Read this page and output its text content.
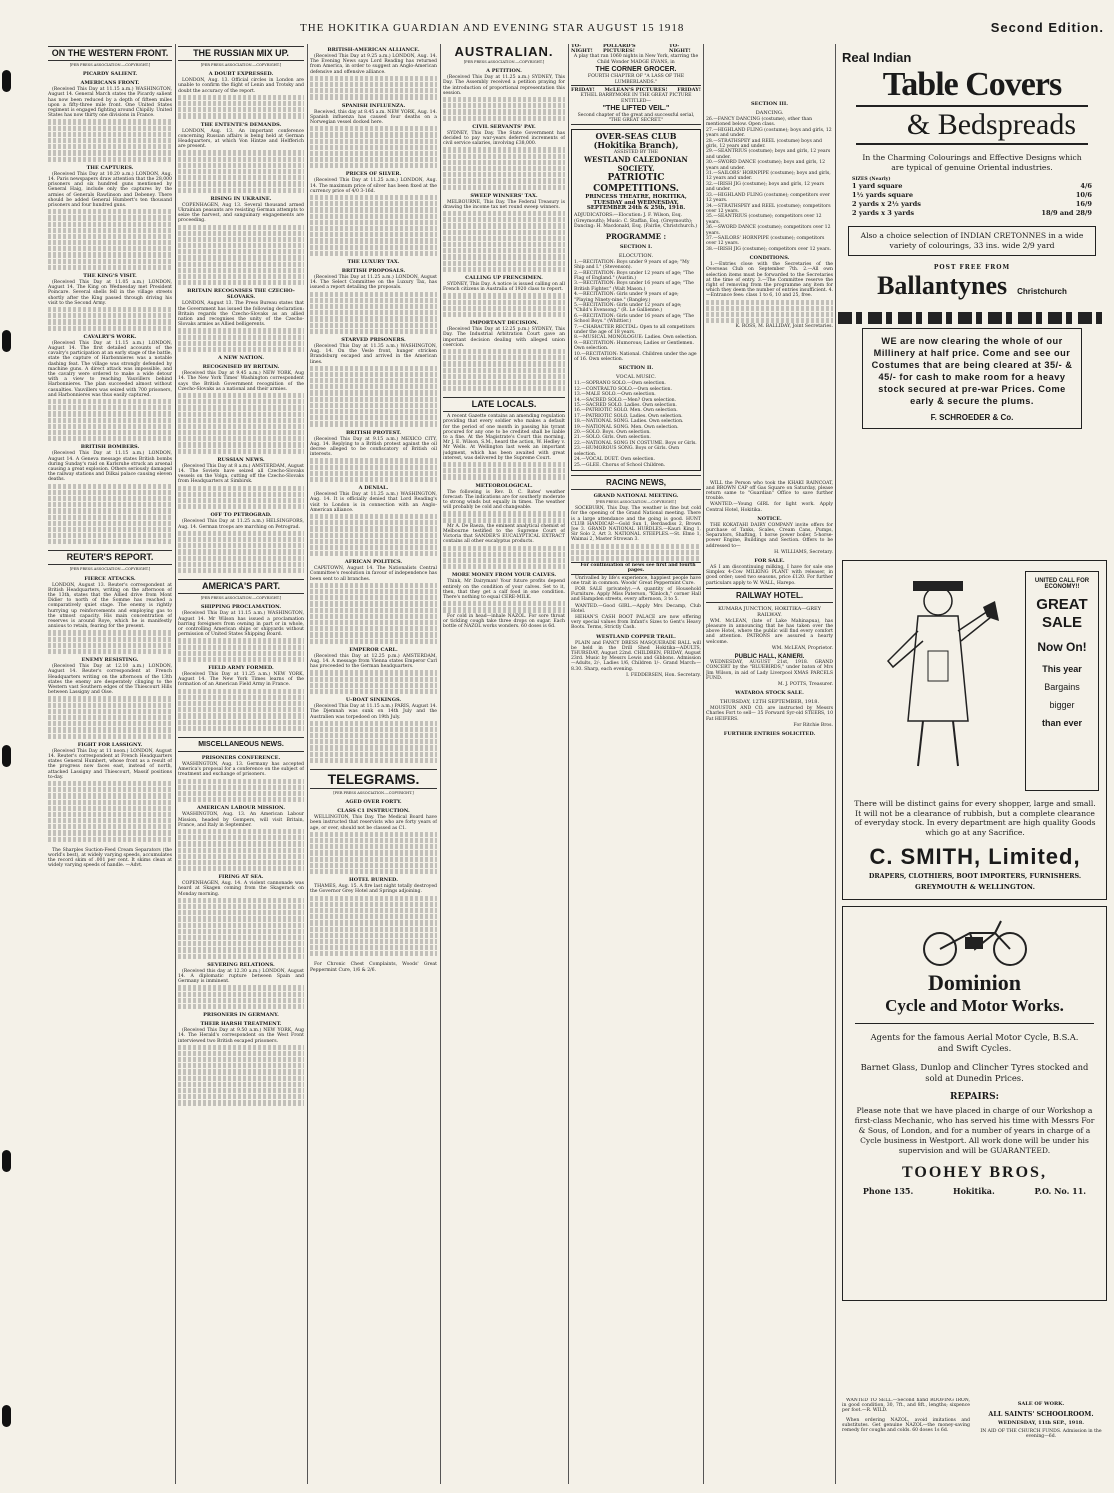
THE HOKITIKA GUARDIAN AND EVENING STAR AUGUST 15 1918	Second Edition.
ON THE WESTERN FRONT.
[PER PRESS ASSOCIATION.—COPYRIGHT.]
PICARDY SALIENT.
AMERICANS FRONT.
(Received This Day at 11.15 a.m.) WASHINGTON, August 14. General March states the Picardy salient has now been reduced by a depth of fifteen miles upon a fifty-three mile front. One United States regiment is engaged fighting around Chipilly. United States has now thirty one divisions in France.
THE CAPTURES.
(Received This Day at 10.20 a.m.) LONDON, Aug. 14. Paris newspapers draw attention that the 28,000 prisoners and six hundred guns mentioned by General Haig, include only the captures by the armies of Generals Rawlinson and Debeney. There should be added General Humbert's ten thousand prisoners and four hundred guns.
THE KING'S VISIT.
(Received This Day at 11.05 a.m.) LONDON, August 14. The King on Wednesday met President Poincare. Several shells fell in the village streets shortly after the King passed through driving his visit to the Second Army.
CAVALRY'S WORK.
(Received This Day at 11.15 a.m.) LONDON, August 14. The first detailed accounts of the cavalry's participation at an early stage of the battle, state the capture of Harbonnieres was a notable dashing feat. The village was strongly defended by machine guns. A direct attack was impossible, and the cavalry were ordered to make a wide detour with a view to reaching Vauvillers behind Harbonnieres. The plan succeeded almost without casualties. Vauvillers was seized with 700 prisoners, and Harbonnieres was thus easily captured.
BRITISH BOMBERS.
(Received This Day at 11.15 a.m.) LONDON, August 14. A Geneva message states British bombs during Sunday's raid on Karlsruhe struck an arsenal causing a great explosion. Others seriously damaged the railway stations and Dilkai palace causing eleven deaths.
REUTER'S REPORT.
[PER PRESS ASSOCIATION.—COPYRIGHT.]
FIERCE ATTACKS.
LONDON, August 13. Reuter's correspondent at British Headquarters, writing on the afternoon of the 13th, states that the Allied drive from Mont Didier to north of the Somme has reached a comparatively quiet stage. The enemy is rightly hurrying up reinforcements and employing gas to the utmost capacity. His main concentration of reserves is around Roye, which he is manifestly anxious to retain, fearing for the present.
ENEMY RESISTING.
(Received This Day at 12.10 a.m.) LONDON, August 14. Reuter's correspondent at French Headquarters writing on the afternoon of the 13th states the enemy are desperately clinging to the Western vast Southern edges of the Thiescourt Hills between Lassigny and Oise.
FIGHT FOR LASSIGNY.
(Received This Day at 11 noon.) LONDON, August 14. Reuter's correspondent at French Headquarters states General Humbert, whose front as a result of the progress now faces east, instead of north, attacked Lassigny and Thiescourt, Massif positions to-day.
The Sharples Suction-Feed Cream Separators (the world's best), at widely varying speeds, accumulates the record skim of .001 per cent. It skims clean at widely varying speeds of handle. —Advt.
THE RUSSIAN MIX UP.
[PER PRESS ASSOCIATION.—COPYRIGHT.]
A DOUBT EXPRESSED.
LONDON, Aug. 13. Official circles in London are unable to confirm the flight of Lenin and Trotsky and doubt the accuracy of the report.
THE ENTENTE'S DEMANDS.
LONDON, Aug. 13. An important conference concerning Russian affairs is being held at German Headquarters, at which Von Hintze and Helfferich are present.
RISING IN UKRAINE.
COPENHAGEN, Aug 13. Several thousand armed Ukrainian peasants are resisting German attempts to seize the harvest, and sanguinary engagements are proceeding.
BRITAIN RECOGNISES THE CZECHO-SLOVAKS.
LONDON, August 13. The Press Bureau states that the Government has issued the following declaration: Britain regards the Czecho-Slovaks as an allied nation and recognises the unity of the Czecho-Slovaks armies as Allied belligerents.
A NEW NATION.
RECOGNISED BY BRITAIN.
(Received this Day at 9.45 a.m.) NEW YORK, Aug 14. The New York Times' Washington correspondent says the British Government recognition of the Czecho-Slovaks as a national and their armies.
RUSSIAN NEWS.
(Received This Day at 8 a.m.) AMSTERDAM, August 14. The Soviets have seized all Czecho-Slovaks vessels on the Volga, cutting off the Czecho-Slovaks from Headquarters at Simbirsk.
OFF TO PETROGRAD.
(Received This Day at 11.25 a.m.) HELSINGFORS, Aug. 14. German troops are marching on Petrograd.
AMERICA'S PART.
[PER PRESS ASSOCIATION.—COPYRIGHT.]
SHIPPING PROCLAMATION.
(Received This Day at 11.15 a.m.) WASHINGTON, August 14. Mr Wilson has issued a proclamation barring foreigners from owning in part or in whole, or controlling American ships or shipyards without permission of United States Shipping Board.
FIELD ARMY FORMED.
(Received This Day at 11.25 a.m.) NEW YORK, August 14. The New York Times learns of the formation of an American Field Army in France.
MISCELLANEOUS NEWS.
PRISONERS CONFERENCE.
WASHINGTON, Aug. 13. Germany has accepted America's proposal for a conference on the subject of treatment and exchange of prisoners.
AMERICAN LABOUR MISSION.
WASHINGTON, Aug. 13. An American Labour Mission, headed by Gompers, will visit Britain, France, and Italy in September.
FIRING AT SEA.
COPENHAGEN, Aug. 14. A violent cannonade was heard at Skagen coming from the Skagerack on Monday morning.
SEVERING RELATIONS.
(Received this day at 12.30 a.m.) LONDON, August 14. A diplomatic rupture between Spain and Germany is imminent.
PRISONERS IN GERMANY.
THEIR HARSH TREATMENT.
(Received This Day at 9.50 a.m.) NEW YORK, Aug 14. The Herald's correspondent on the West Front interviewed two British escaped prisoners.
BRITISH-AMERICAN ALLIANCE.
(Received This Day at 9.25 a.m.) LONDON, Aug. 14. The Evening News says Lord Reading has returned from America, in order to suggest an Anglo-American defensive and offensive alliance.
SPANISH INFLUENZA.
Received, this day at 8.45 a.m. NEW YORK, Aug. 14. Spanish influenza has caused four deaths on a Norwegian vessel docked here.
PRICES OF SILVER.
(Received This Day at 11.25 a.m.) LONDON, Aug. 14. The maximum price of silver has been fixed at the currency price of 4/0 3-16d.
THE LUXURY TAX.
BRITISH PROPOSALS.
(Received This Day at 11.25 a.m.) LONDON, August 14. The Select Committee on the Luxury Tax, has issued a report detailing the proposals.
STARVED PRISONERS.
(Received This Day at 11.35 a.m.) WASHINGTON, Aug. 14. On the Vesle front, hunger stricken Brandsburg escaped and arrived in the American lines.
BRITISH PROTEST.
(Received This Day at 9.15 a.m.) MEXICO CITY, Aug. 14. Replying to a British protest against the oil decree alleged to be confiscatory of British oil interests.
A DENIAL.
(Received This Day at 11.25 a.m.) WASHINGTON, Aug. 14. It is officially denied that Lord Reading's visit to London is in connection with an Anglo-American alliance.
AFRICAN POLITICS.
CAPETOWN, August 14. The Nationalists Central Committee's resolution in favour of independence has been sent to all branches.
EMPEROR CARL.
(Received this Day at 12.25 p.m.) AMSTERDAM, Aug. 14. A message from Vienna states Emperor Carl has proceeded to the German headquarters.
U-BOAT SINKINGS.
(Received This Day at 11.15 a.m.) PARIS, August 14. The Djemnah was sunk on 14th July and the Australien was torpedoed on 19th July.
TELEGRAMS.
[PER PRESS ASSOCIATION.—COPYRIGHT.]
AGED OVER FORTY.
CLASS C1 INSTRUCTION.
WELLINGTON, This Day. The Medical Board have been instructed that reservists who are forty years of age, or over, should not be classed as C1.
HOTEL BURNED.
THAMES, Aug. 15. A fire last night totally destroyed the Governor Grey Hotel and Springs adjoining.
For Chronic Chest Complaints, Woods' Great Peppermint Cure, 1/6 & 2/6.
AUSTRALIAN.
[PER PRESS ASSOCIATION.—COPYRIGHT.]
A PETITION.
(Received This Day at 11.25 a.m.) SYDNEY, This Day. The Assembly received a petition praying for the introduction of proportional representation this session.
CIVIL SERVANTS' PAY.
SYDNEY, This Day. The State Government has decided to pay war-years deferred increments of civil service salaries, involving £38,000.
SWEEP WINNERS' TAX.
MELBOURNE, This Day. The Federal Treasury is drawing the income tax net round sweep winners.
CALLING UP FRENCHMEN.
SYDNEY, This Day. A notice is issued calling on all French citizens in Australia of 1920 class to report.
IMPORTANT DECISION.
(Received This Day at 12.25 p.m.) SYDNEY, This Day. The Industrial Arbitration Court gave an important decision dealing with alleged union coercion.
LATE LOCALS.
A recent Gazette contains an amending regulation providing that every soldier who makes a default for the period of one month in passing his tyrant procured for any one to be credited shall be liable to a fine. At the Magistrate's Court this morning, Mr J. E. Wilson, S.M., heard the action, W. Hedley v. Mr Wells. At Wellington last week an important judgment, which has been awaited with great interest, was delivered by the Supreme Court.
METEOROLOGICAL.
The following is Rev. D. C. Bates' weather forecast: The indications are for southerly moderate to strong winds but equally in times. The weather will probably be cold and changeable.
Mr A. De Baeza, the eminent analytical chemist of Melbourne testified to the Supreme Court of Victoria that SANDER'S EUCALYPTICAL EXTRACT contains all other eucalyptus products.
MORE MONEY FROM YOUR CALVES.
Think, Mr Dairyman! Your future profits depend entirely on the condition of your calves. Set to it, then, that they get a calf food in one condition. There's nothing to equal CERE-MILK.
For cold in head—inhale NAZOL. For sore throat or tickling cough take three drops on sugar. Each bottle of NAZOL works wonders. 60 doses is 6d.
TO-NIGHT!
POLLARD'S PICTURES!
TO-NIGHT!
A play that ran 1060 nights in New York, starring the Child Wonder MADGE EVANS, in
THE CORNER GROCER.
FOURTH CHAPTER OF "A LASS OF THE LUMBERLANDS."
FRIDAY! McLEAN'S PICTURES! FRIDAY!
ETHEL BARRYMORE IN THE GREAT PICTURE ENTITLED—
"THE LIFTED VEIL."
Second chapter of the great and successful serial, "THE GREAT SECRET."
OVER-SEAS CLUB (Hokitika Branch),
ASSISTED BY THE
WESTLAND CALEDONIAN SOCIETY.
PATRIOTIC COMPETITIONS.
PRINCESS THEATRE, HOKITIKA, TUESDAY and WEDNESDAY, SEPTEMBER 24th & 25th, 1918.
ADJUDICATORS:—Elocution: J. F. Wilson, Esq. (Greymouth); Music: C. Staffan, Esq. (Greymouth); Dancing: H. Macdonald, Esq. (Fairlie, Christchurch.)
PROGRAMME :
SECTION I.
ELOCUTION.
1.—RECITATION: Boys under 9 years of age; "My Ship and I." (Stevenson).
2.—RECITATION: Boys under 12 years of age; "The Flag of England." (Austin.)
3.—RECITATION: Boys under 16 years of age; "The British Fighter." (Walt Mason.)
4.—RECITATION: Girls under 9 years of age; "Playing Ninety-nine." (Bangley.)
5.—RECITATION: Girls under 12 years of age; "Child's Evensong." (R. Le Gallienne.)
6.—RECITATION: Girls under 16 years of age; "The School Boys." (Whittier.)
7.—CHARACTER RECITAL: Open to all competitors under the age of 18 years.
8.—MUSICAL MONOLOGUE: Ladies. Own selection.
9.—RECITATION: Humorous; Ladies or Gentlemen. Own selection.
10.—RECITATION: National. Children under the age of 16. Own selection.
SECTION II.
VOCAL MUSIC.
11.—SOPRANO SOLO.—Own selection.
12.—CONTRALTO SOLO.—Own selection.
13.—MALE SOLO.—Own selection.
14.—SACRED SOLO.—Men? Own selection.
15.—SACRED SOLO. Ladies. Own selection.
16.—PATRIOTIC SOLO. Men. Own selection.
17.—PATRIOTIC SOLO. Ladies. Own selection.
18.—NATIONAL SONG. Ladies. Own selection.
19.—NATIONAL SONG. Men. Own selection.
20.—SOLO. Boys. Own selection.
21.—SOLO. Girls. Own selection.
22.—NATIONAL SONG IN COSTUME. Boys or Girls.
23.—HUMOROUS SONG. Boys or Girls. Own selection.
24.—VOCAL DUET. Own selection.
25.—GLEE. Chorus of School Children.
RACING NEWS,
GRAND NATIONAL MEETING.
[PER PRESS ASSOCIATION.—COPYRIGHT.]
SOCKBURN, This Day. The weather is fine but cold for the opening of the Grand National meeting. There is a large attendance and the going is good. HUNT CLUB HANDICAP.—Gold Sun 1, Berdasdiss 2, Brown Joe 3. GRAND NATIONAL HURDLES.—Kauri King 1, Sir Solo 2, Art 3. NATIONAL STEEPLES.—St. Elmo 1, Waimai 2, Master Strowan 3.
For continuation of news see first and fourth pages.
Unrivalled by life's experience, happiest people have one trait in common. Woods' Great Peppermint Cure.
FOR SALE (privately).—A quantity of Household Furniture. Apply Miss Paterson, "Kinloch," corner Hall and Hampden streets, every afternoon, 3 to 5.
WANTED.—Good GIRL.—Apply Mrs Decamp, Club Hotel.
HEHAN'S CASH BOOT PALACE are now offering very special values from Infant's Sizes to Gent's Heavy Boots. Terms, Strictly Cash.
WESTLAND COPPER TRAIL.
PLAIN and FANCY DRESS MASQUERADE BALL will be held in the Drill Shed Hokitika—ADULTS, THURSDAY, August 22nd. CHILDREN, FRIDAY, August 23rd. Music by Messrs Lewis and Gibbons. Admission—Adults, 2/-, Ladies 1/6, Children 1/-. Grand March:—8.30. Sharp, each evening.
I. FEDDERSEN, Hon. Secretary.
SECTION III.
DANCING.
26.—FANCY DANCING (costume), other than mentioned below. Open class.
27.—HIGHLAND FLING (costume); boys and girls, 12 years and under.
28.—STRATHSPEY and REEL (costume) boys and girls, 12 years and under.
29.—SEANTRIUS (costume); boys and girls, 12 years and under.
30.—SWORD DANCE (costume); boys and girls, 12 years and under.
31.—SAILORS' HORNPIPE (costume); boys and girls, 12 years and under.
32.—IRISH JIG (costume); boys and girls, 12 years and under.
33.—HIGHLAND FLING (costume); competitors over 12 years.
34.—STRATHSPEY and REEL (costume); competitors over 12 years.
35.—SEANTRIUS (costume); competitors over 12 years.
36.—SWORD DANCE (costume); competitors over 12 years.
37.—SAILORS' HORNPIPE (costume); competitors over 12 years.
38.—IRISH JIG (costume); competitors over 12 years.
CONDITIONS.
1.—Entries close with the Secretaries of the Overseas Club on September 7th. 2.—All own selection items must be forwarded to the Secretaries at the time of entry. 3.—The Committee reserve the right of removing from the programme any item for which they deem the number of entries insufficient. 4.—Entrance fees: class 1 to 6, 10 and 25, free.
K. ROSS, M. BALLIDAY, Joint Secretaries.
WILL the Person who took the KHAKI RAINCOAT, and BROWN CAP off Gas Square on Saturday, please return same to "Guardian" Office to save further trouble.
WANTED.—Young GIRL for light work. Apply Central Hotel, Hokitika.
NOTICE.
THE KOKATAHI DAIRY COMPANY invite offers for purchase of Tanks, Scales, Cream Cans, Pumps, Separators, Shafting, 1 horse power boiler, 5-horse-power Engine, Buildings and Section. Offers to be addressed to—
H. WILLIAMS, Secretary.
FOR SALE.
AS I am discontinuing milking, I have for sale one Simplex 4-Cow MILKING PLANT with releaser, in good order; used two seasons, price £120. For further particulars apply to W. WALL, Harepo.
RAILWAY HOTEL.
KUMARA JUNCTION, HOKITIKA—GREY RAILWAY.
WM. McLEAN, (late of Lake Mahinapua), has pleasure in announcing that he has taken over the above Hotel, where the public will find every comfort and attention. PATRONS are assured a hearty welcome.
WM. McLEAN, Proprietor.
PUBLIC HALL, KANIERI.
WEDNESDAY, AUGUST 21st, 1918. GRAND CONCERT by the "BLUEBIRDS," under baton of Mrs Jim Wilson, in aid of Lady Liverpool XMAS PARCELS FUND.
M. J. POTTS, Treasurer.
WATAROA STOCK SALE.
THURSDAY, 12TH SEPTEMBER, 1918.
MOUSTON AND CO. are instructed by Messrs Charles Fort to sell— 35 Forward Syr-old STEERS, 10 Fat HEIFERS.
For Ritchie Bros.
FURTHER ENTRIES SOLICITED.
Real Indian
Table Covers
& Bedspreads
In the Charming Colourings and Effective Designs which are typical of genuine Oriental industries.
SIZES (Nearly)
1 yard square	4/6
1½ yards square	10/6
2 yards x 2½ yards	16/9
2 yards x 3 yards	18/9 and 28/9
Also a choice selection of INDIAN CRETONNES in a wide variety of colourings, 33 ins. wide 2/9 yard
POST FREE FROM
Ballantynes Christchurch
WE are now clearing the whole of our Millinery at half price. Come and see our Costumes that are being cleared at 35/- & 45/- for cash to make room for a heavy stock secured at pre-war Prices. Come early & secure the plums.
F. SCHROEDER & Co.
UNITED CALL FOR ECONOMY!!
GREAT SALE
Now On!
This year
Bargains
bigger
than ever
There will be distinct gains for every shopper, large and small. It will not be a clearance of rubbish, but a complete clearance of everyday stock. In every department are high quality Goods which go at any Sacrifice.
C. SMITH, Limited,
DRAPERS, CLOTHIERS, BOOT IMPORTERS, FURNISHERS.
GREYMOUTH & WELLINGTON.
Dominion
Cycle and Motor Works.
Agents for the famous Aerial Motor Cycle, B.S.A. and Swift Cycles.
Barnet Glass, Dunlop and Clincher Tyres stocked and sold at Dunedin Prices.
REPAIRS:
Please note that we have placed in charge of our Workshop a first-class Mechanic, who has served his time with Messrs For & Sous, of London, and for a number of years in charge of a Cycle business in Westport. All work done will be under his supervision and will be GUARANTEED.
TOOHEY BROS,
Phone 135.	Hokitika.	P.O. No. 11.
WANTED TO SELL.—Second hand ROOFING IRON, in good condition, 30, 7ft., and 8ft., lengths; sixpence per foot.—R. WILD.
When ordering NAZOL, avoid imitations and substitutes. Get genuine NAZOL—the money-saving remedy for coughs and colds. 60 doses 1s 6d.
SALE OF WORK.
ALL SAINTS' SCHOOLROOM.
WEDNESDAY, 11th SEP., 1918.
IN AID OF THE CHURCH FUNDS. Admission in the evening—6d.
